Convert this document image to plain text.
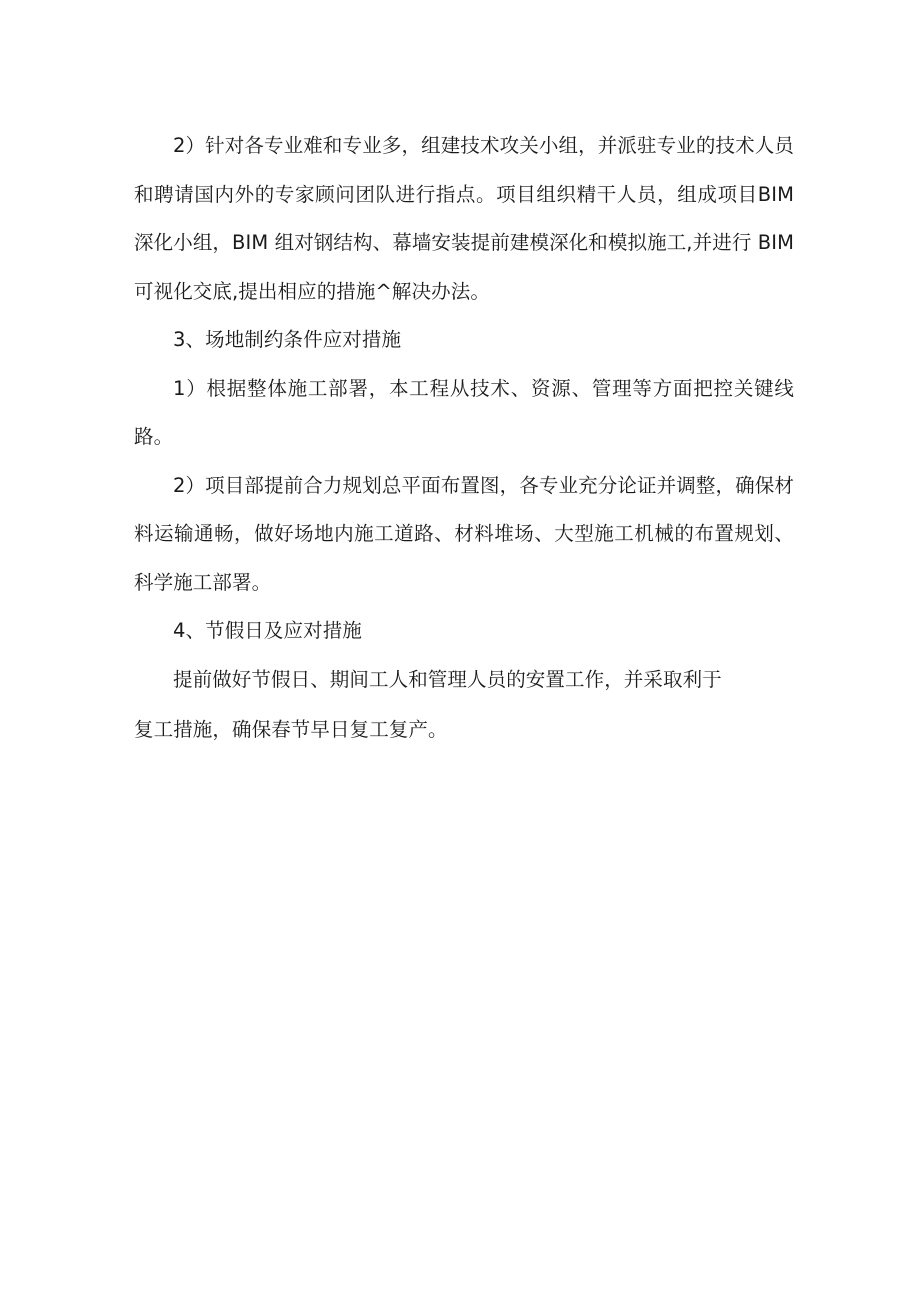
2）针对各专业难和专业多，组建技术攻关小组，并派驻专业的技术人员和聘请国内外的专家顾问团队进行指点。项目组织精干人员，组成项目BIM 深化小组，BIM 组对钢结构、幕墙安装提前建模深化和模拟施工,并进行 BIM 可视化交底,提出相应的措施^解决办法。

3、场地制约条件应对措施

1）根据整体施工部署，本工程从技术、资源、管理等方面把控关键线路。

2）项目部提前合力规划总平面布置图，各专业充分论证并调整，确保材料运输通畅，做好场地内施工道路、材料堆场、大型施工机械的布置规划、科学施工部署。

4、节假日及应对措施

提前做好节假日、期间工人和管理人员的安置工作，并采取利于

复工措施，确保春节早日复工复产。
